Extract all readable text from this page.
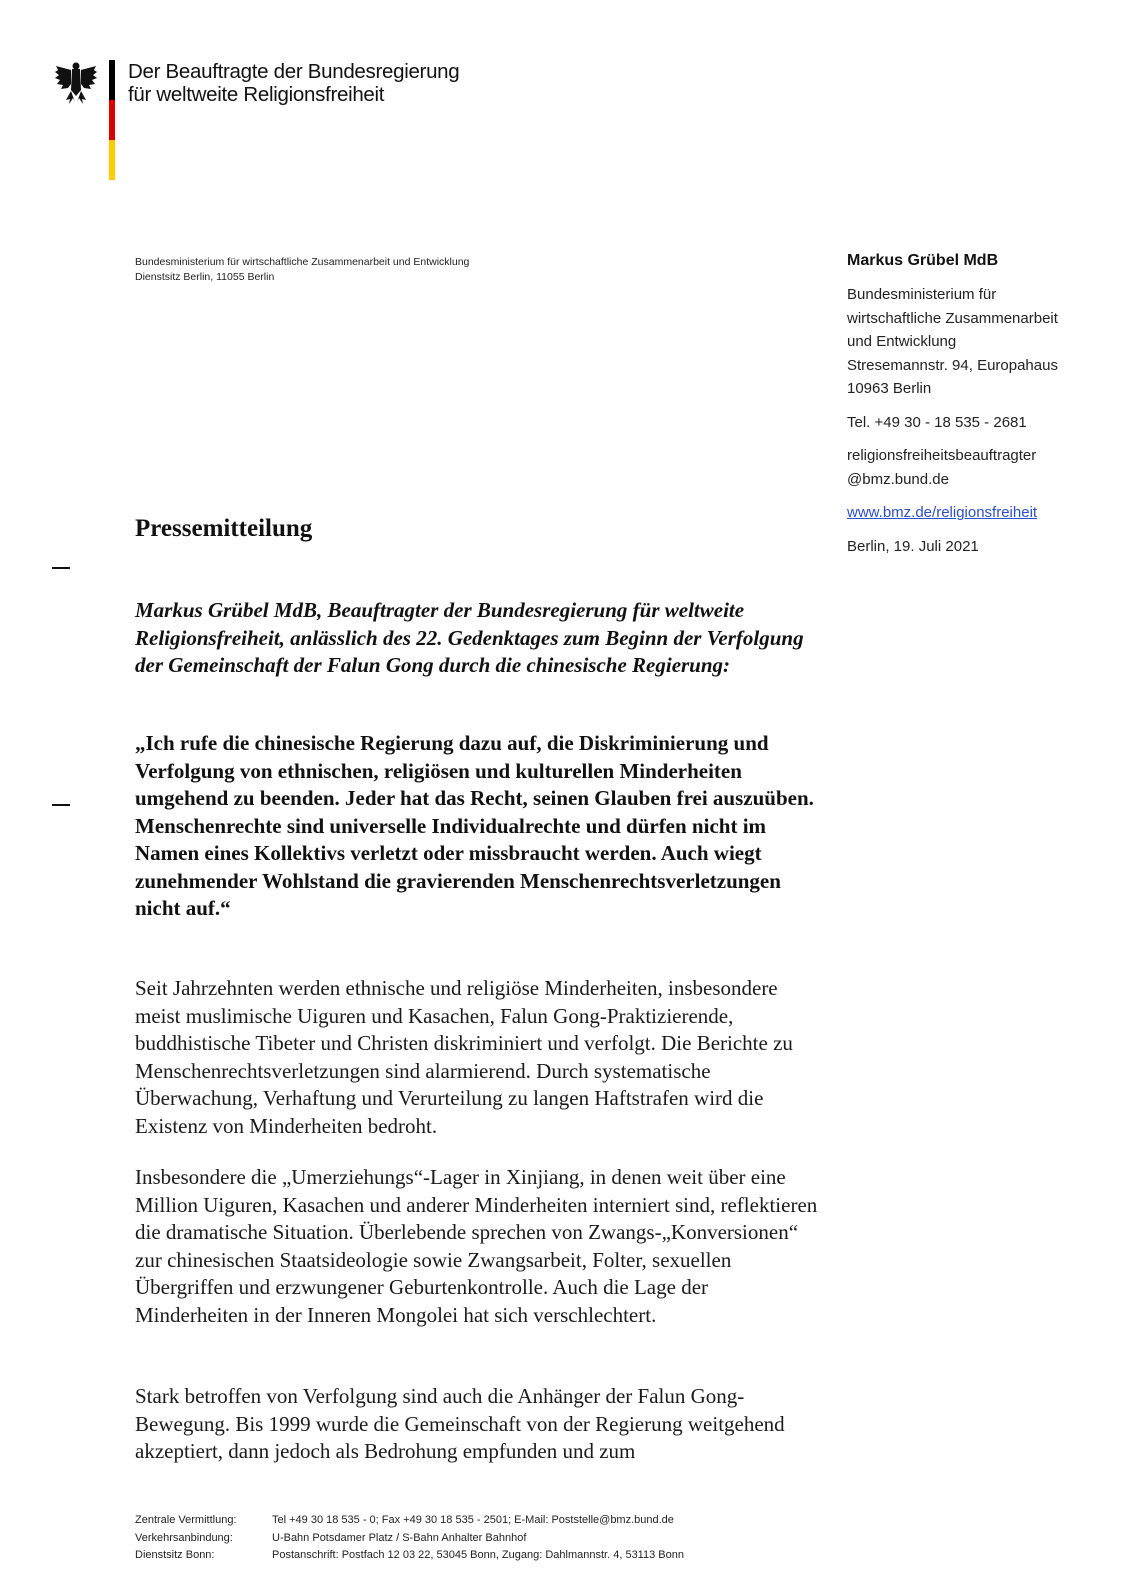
Der Beauftragte der Bundesregierung
für weltweite Religionsfreiheit
Bundesministerium für wirtschaftliche Zusammenarbeit und Entwicklung
Dienstsitz Berlin, 11055 Berlin
Markus Grübel MdB
Bundesministerium für
wirtschaftliche Zusammenarbeit
und Entwicklung
Stresemannstr. 94, Europahaus
10963 Berlin
Tel. +49 30 - 18 535 - 2681
religionsfreiheitsbeauftragter
@bmz.bund.de
www.bmz.de/religionsfreiheit
Berlin, 19. Juli 2021
Pressemitteilung
Markus Grübel MdB, Beauftragter der Bundesregierung für weltweite Religionsfreiheit, anlässlich des 22. Gedenktages zum Beginn der Verfolgung der Gemeinschaft der Falun Gong durch die chinesische Regierung:
„Ich rufe die chinesische Regierung dazu auf, die Diskriminierung und Verfolgung von ethnischen, religiösen und kulturellen Minderheiten umgehend zu beenden. Jeder hat das Recht, seinen Glauben frei auszuüben. Menschenrechte sind universelle Individualrechte und dürfen nicht im Namen eines Kollektivs verletzt oder missbraucht werden. Auch wiegt zunehmender Wohlstand die gravierenden Menschenrechtsverletzungen nicht auf.“
Seit Jahrzehnten werden ethnische und religiöse Minderheiten, insbesondere meist muslimische Uiguren und Kasachen, Falun Gong-Praktizierende, buddhistische Tibeter und Christen diskriminiert und verfolgt. Die Berichte zu Menschenrechtsverletzungen sind alarmierend. Durch systematische Überwachung, Verhaftung und Verurteilung zu langen Haftstrafen wird die Existenz von Minderheiten bedroht.
Insbesondere die „Umerziehungs“-Lager in Xinjiang, in denen weit über eine Million Uiguren, Kasachen und anderer Minderheiten interniert sind, reflektieren die dramatische Situation. Überlebende sprechen von Zwangs-„Konversionen“ zur chinesischen Staatsideologie sowie Zwangsarbeit, Folter, sexuellen Übergriffen und erzwungener Geburtenkontrolle. Auch die Lage der Minderheiten in der Inneren Mongolei hat sich verschlechtert.
Stark betroffen von Verfolgung sind auch die Anhänger der Falun Gong-Bewegung. Bis 1999 wurde die Gemeinschaft von der Regierung weitgehend akzeptiert, dann jedoch als Bedrohung empfunden und zum
Zentrale Vermittlung:	Tel +49 30 18 535 - 0; Fax +49 30 18 535 - 2501; E-Mail: Poststelle@bmz.bund.de
Verkehrsanbindung:	U-Bahn Potsdamer Platz / S-Bahn Anhalter Bahnhof
Dienstsitz Bonn:	Postanschrift: Postfach 12 03 22, 53045 Bonn, Zugang: Dahlmannstr. 4, 53113 Bonn
